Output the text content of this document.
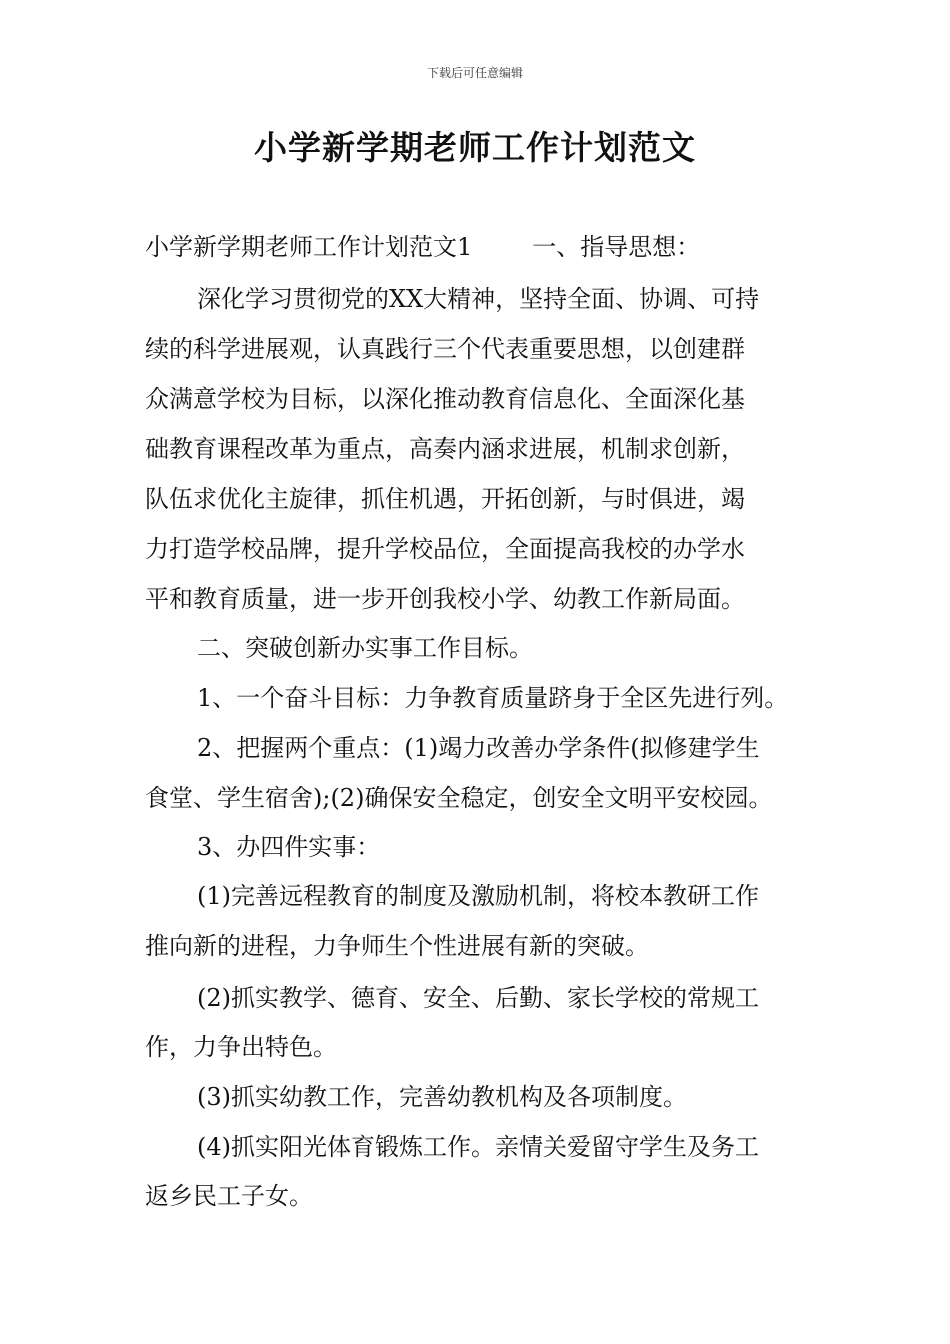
下载后可任意编辑
小学新学期老师工作计划范文
小学新学期老师工作计划范文1	一、指导思想：
深化学习贯彻党的XX大精神，坚持全面、协调、可持
续的科学进展观，认真践行三个代表重要思想，以创建群
众满意学校为目标，以深化推动教育信息化、全面深化基
础教育课程改革为重点，高奏内涵求进展，机制求创新，
队伍求优化主旋律，抓住机遇，开拓创新，与时俱进，竭
力打造学校品牌，提升学校品位，全面提高我校的办学水
平和教育质量，进一步开创我校小学、幼教工作新局面。
二、突破创新办实事工作目标。
1、一个奋斗目标：力争教育质量跻身于全区先进行列。
2、把握两个重点：(1)竭力改善办学条件(拟修建学生
食堂、学生宿舍);(2)确保安全稳定，创安全文明平安校园。
3、办四件实事：
(1)完善远程教育的制度及激励机制，将校本教研工作
推向新的进程，力争师生个性进展有新的突破。
(2)抓实教学、德育、安全、后勤、家长学校的常规工
作，力争出特色。
(3)抓实幼教工作，完善幼教机构及各项制度。
(4)抓实阳光体育锻炼工作。亲情关爱留守学生及务工
返乡民工子女。
